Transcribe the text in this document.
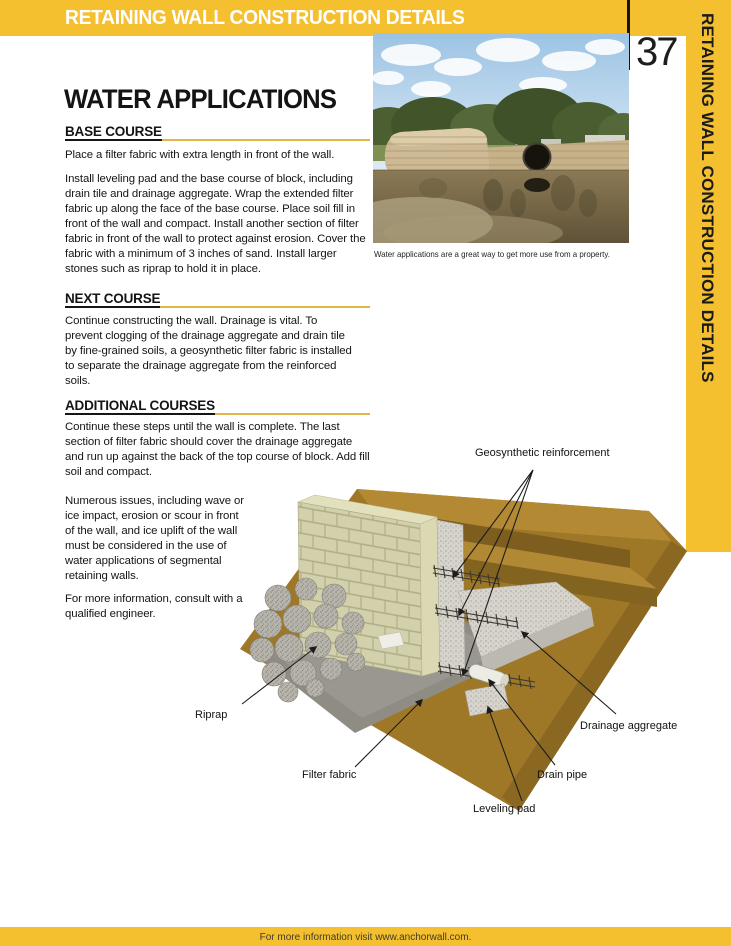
RETAINING WALL CONSTRUCTION DETAILS
37 RETAINING WALL CONSTRUCTION DETAILS
WATER APPLICATIONS
BASE COURSE
Place a filter fabric with extra length in front of the wall.
Install leveling pad and the base course of block, including drain tile and drainage aggregate. Wrap the extended filter fabric up along the face of the base course. Place soil fill in front of the wall and compact. Install another section of filter fabric in front of the wall to protect against erosion. Cover the fabric with a minimum of 3 inches of sand. Install larger stones such as riprap to hold it in place.
NEXT COURSE
Continue constructing the wall. Drainage is vital. To prevent clogging of the drainage aggregate and drain tile by fine-grained soils, a geosynthetic filter fabric is installed to separate the drainage aggregate from the reinforced soils.
ADDITIONAL COURSES
Continue these steps until the wall is complete. The last section of filter fabric should cover the drainage aggregate and run up against the back of the top course of block. Add fill soil and compact.
Numerous issues, including wave or ice impact, erosion or scour in front of the wall, and ice uplift of the wall must be considered in the use of water applications of segmental retaining walls.
For more information, consult with a qualified engineer.
Water applications are a great way to get more use from a property.
Geosynthetic reinforcement
Riprap
Filter fabric
Drainage aggregate
Drain pipe
Leveling pad
For more information visit www.anchorwall.com.
